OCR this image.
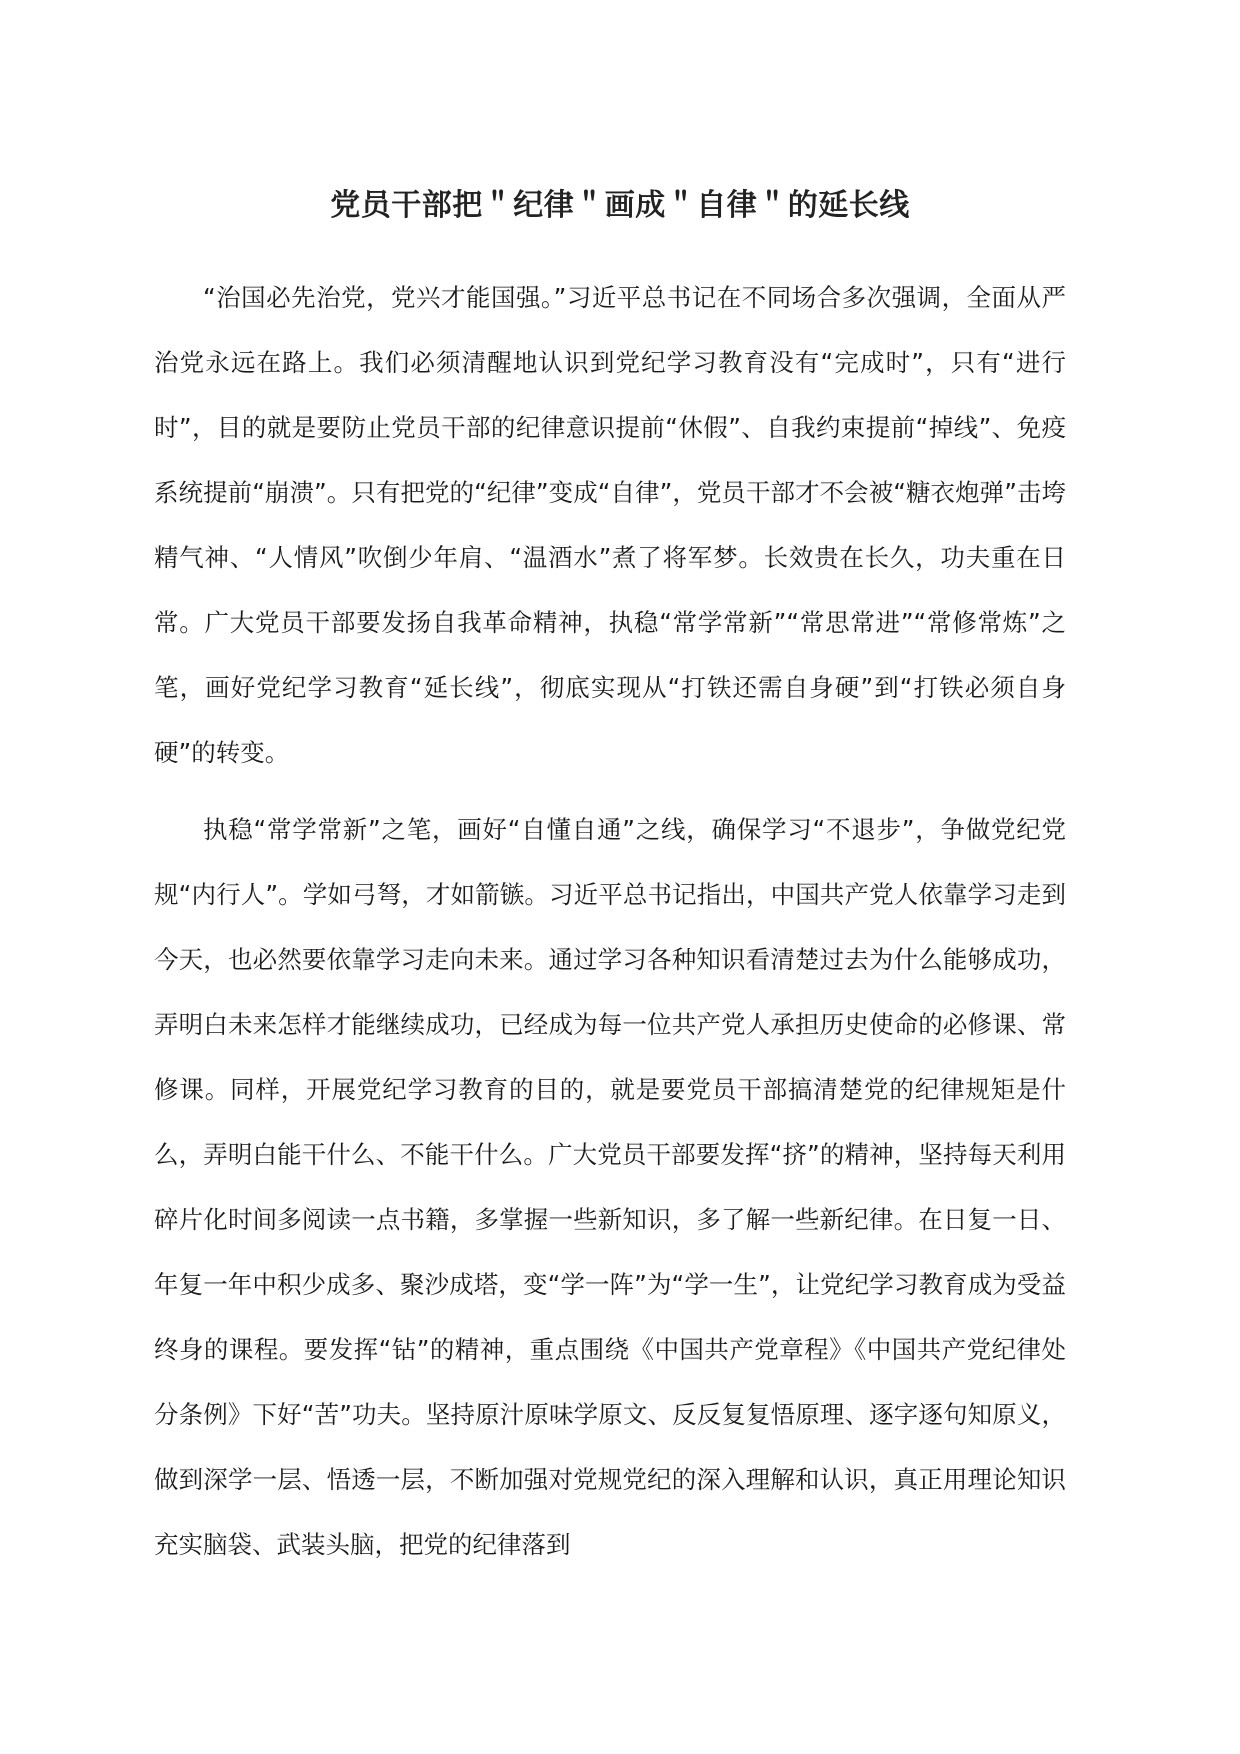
党员干部把＂纪律＂画成＂自律＂的延长线

“治国必先治党，党兴才能国强。”习近平总书记在不同场合多次强调，全面从严治党永远在路上。我们必须清醒地认识到党纪学习教育没有“完成时”，只有“进行时”，目的就是要防止党员干部的纪律意识提前“休假”、自我约束提前“掉线”、免疫系统提前“崩溃”。只有把党的“纪律”变成“自律”，党员干部才不会被“糖衣炮弹”击垮精气神、“人情风”吹倒少年肩、“温酒水”煮了将军梦。长效贵在长久，功夫重在日常。广大党员干部要发扬自我革命精神，执稳“常学常新”“常思常进”“常修常炼”之笔，画好党纪学习教育“延长线”，彻底实现从“打铁还需自身硬”到“打铁必须自身硬”的转变。

执稳“常学常新”之笔，画好“自懂自通”之线，确保学习“不退步”，争做党纪党规“内行人”。学如弓弩，才如箭镞。习近平总书记指出，中国共产党人依靠学习走到今天，也必然要依靠学习走向未来。通过学习各种知识看清楚过去为什么能够成功，弄明白未来怎样才能继续成功，已经成为每一位共产党人承担历史使命的必修课、常修课。同样，开展党纪学习教育的目的，就是要党员干部搞清楚党的纪律规矩是什么，弄明白能干什么、不能干什么。广大党员干部要发挥“挤”的精神，坚持每天利用碎片化时间多阅读一点书籍，多掌握一些新知识，多了解一些新纪律。在日复一日、年复一年中积少成多、聚沙成塔，变“学一阵”为“学一生”，让党纪学习教育成为受益终身的课程。要发挥“钻”的精神，重点围绕《中国共产党章程》《中国共产党纪律处分条例》下好“苦”功夫。坚持原汁原味学原文、反反复复悟原理、逐字逐句知原义，做到深学一层、悟透一层，不断加强对党规党纪的深入理解和认识，真正用理论知识充实脑袋、武装头脑，把党的纪律落到
